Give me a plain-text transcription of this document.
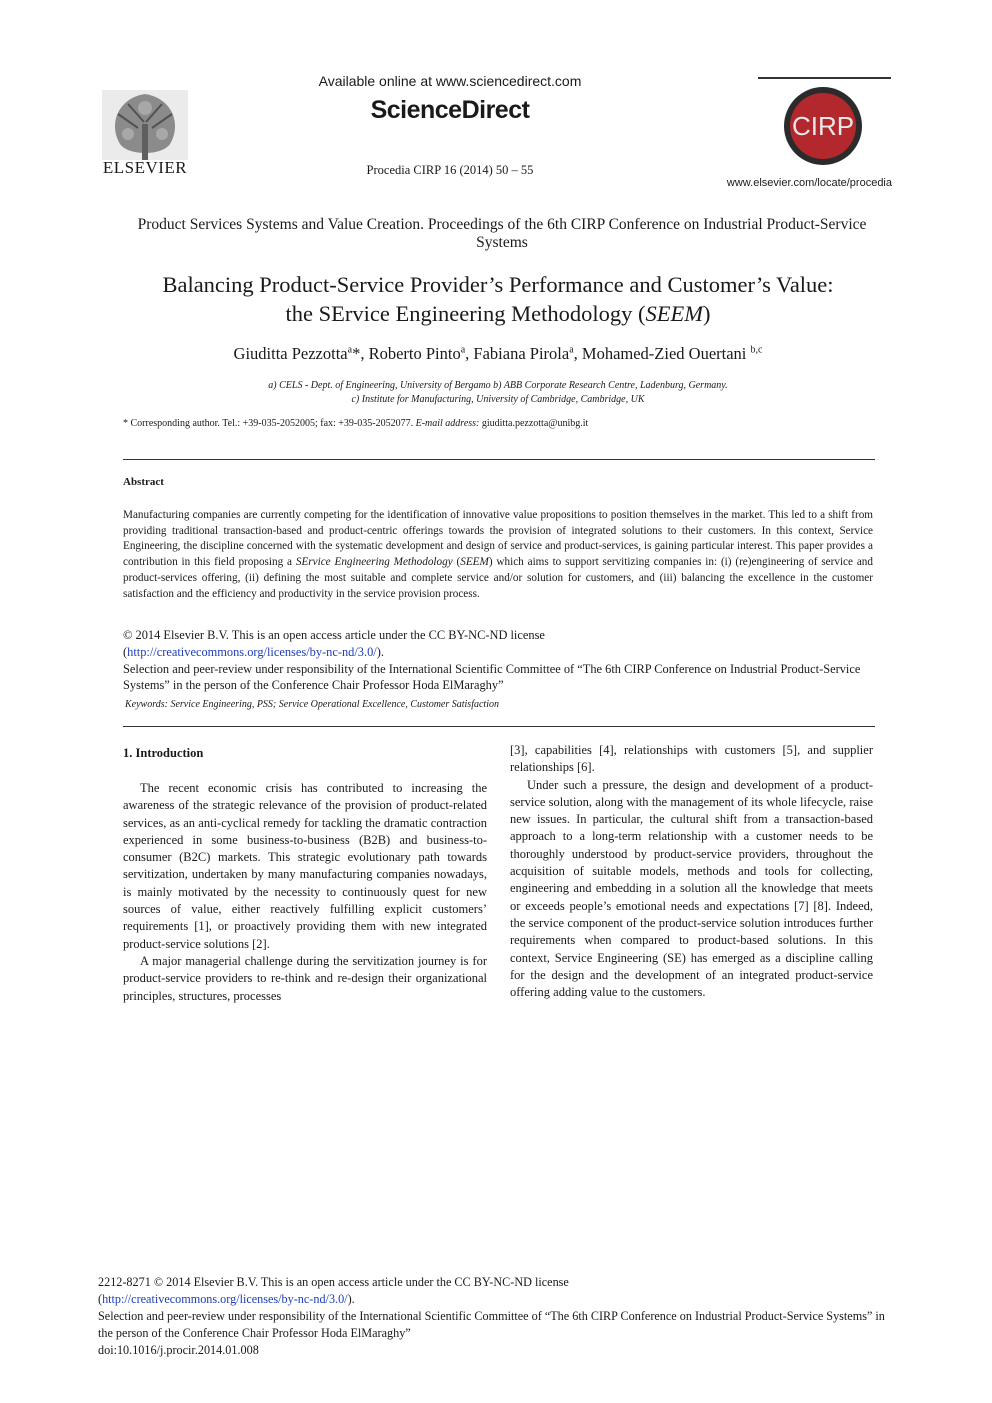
ELSEVIER
Available online at www.sciencedirect.com
ScienceDirect
Procedia CIRP 16 (2014) 50 – 55
CIRP
www.elsevier.com/locate/procedia
Product Services Systems and Value Creation. Proceedings of the 6th CIRP Conference on Industrial Product-Service Systems
Balancing Product-Service Provider’s Performance and Customer’s Value:
the SErvice Engineering Methodology (SEEM)
Giuditta Pezzotta$^a$*, Roberto Pinto$^a$, Fabiana Pirola$^a$, Mohamed-Zied Ouertani $^{b,c}$
a) CELS - Dept. of Engineering, University of Bergamo b) ABB Corporate Research Centre, Ladenburg, Germany.
c) Institute for Manufacturing, University of Cambridge, Cambridge, UK
* Corresponding author. Tel.: +39-035-2052005; fax: +39-035-2052077. E-mail address: giuditta.pezzotta@unibg.it
Abstract
Manufacturing companies are currently competing for the identification of innovative value propositions to position themselves in the market. This led to a shift from providing traditional transaction-based and product-centric offerings towards the provision of integrated solutions to their customers. In this context, Service Engineering, the discipline concerned with the systematic development and design of service and product-services, is gaining particular interest. This paper provides a contribution in this field proposing a SErvice Engineering Methodology (SEEM) which aims to support servitizing companies in: (i) (re)engineering of service and product-services offering, (ii) defining the most suitable and complete service and/or solution for customers, and (iii) balancing the excellence in the customer satisfaction and the efficiency and productivity in the service provision process.
© 2014 Elsevier B.V. This is an open access article under the CC BY-NC-ND license
(http://creativecommons.org/licenses/by-nc-nd/3.0/).
Selection and peer-review under responsibility of the International Scientific Committee of “The 6th CIRP Conference on Industrial Product-Service Systems” in the person of the Conference Chair Professor Hoda ElMaraghy”
Keywords: Service Engineering, PSS; Service Operational Excellence, Customer Satisfaction
1. Introduction

The recent economic crisis has contributed to increasing the awareness of the strategic relevance of the provision of product-related services, as an anti-cyclical remedy for tackling the dramatic contraction experienced in some business-to-business (B2B) and business-to-consumer (B2C) markets. This strategic evolutionary path towards servitization, undertaken by many manufacturing companies nowadays, is mainly motivated by the necessity to continuously quest for new sources of value, either reactively fulfilling explicit customers’ requirements [1], or proactively providing them with new integrated product-service solutions [2].

A major managerial challenge during the servitization journey is for product-service providers to re-think and re-design their organizational principles, structures, processes

[3], capabilities [4], relationships with customers [5], and supplier relationships [6].

Under such a pressure, the design and development of a product-service solution, along with the management of its whole lifecycle, raise new issues. In particular, the cultural shift from a transaction-based approach to a long-term relationship with a customer needs to be thoroughly understood by product-service providers, throughout the acquisition of suitable models, methods and tools for collecting, engineering and embedding in a solution all the knowledge that meets or exceeds people’s emotional needs and expectations [7] [8]. Indeed, the service component of the product-service solution introduces further requirements when compared to product-based solutions. In this context, Service Engineering (SE) has emerged as a discipline calling for the design and the development of an integrated product-service offering adding value to the customers.

2212-8271 © 2014 Elsevier B.V. This is an open access article under the CC BY-NC-ND license
(http://creativecommons.org/licenses/by-nc-nd/3.0/).
Selection and peer-review under responsibility of the International Scientific Committee of “The 6th CIRP Conference on Industrial Product-Service Systems” in the person of the Conference Chair Professor Hoda ElMaraghy”
doi:10.1016/j.procir.2014.01.008
